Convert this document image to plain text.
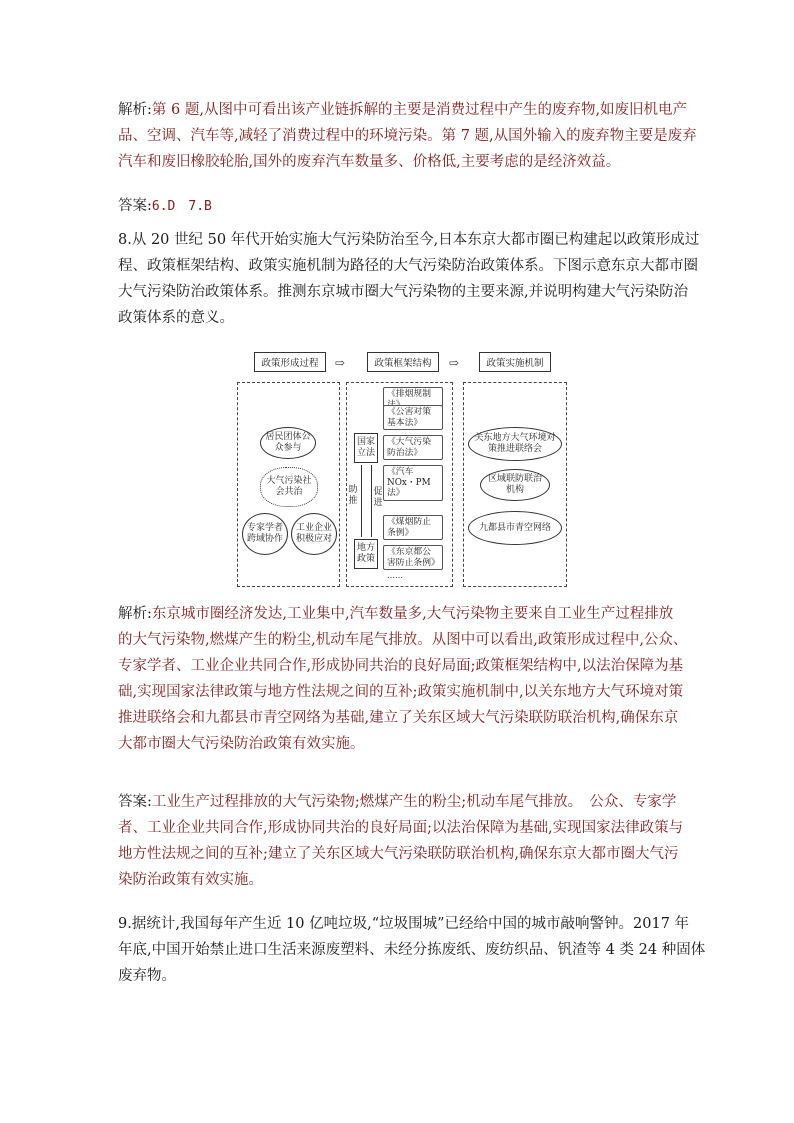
解析:第 6 题,从图中可看出该产业链拆解的主要是消费过程中产生的废弃物,如废旧机电产
品、空调、汽车等,减轻了消费过程中的环境污染。第 7 题,从国外输入的废弃物主要是废弃
汽车和废旧橡胶轮胎,国外的废弃汽车数量多、价格低,主要考虑的是经济效益。
答案:6.D　7.B
8.从 20 世纪 50 年代开始实施大气污染防治至今,日本东京大都市圈已构建起以政策形成过
程、政策框架结构、政策实施机制为路径的大气污染防治政策体系。下图示意东京大都市圈
大气污染防治政策体系。推测东京城市圈大气污染物的主要来源,并说明构建大气污染防治
政策体系的意义。
政策形成过程	⇨	政策框架结构	⇨	政策实施机制
居民团体公众参与
大气污染社会共治
专家学者跨域协作
工业企业积极应对
国家立法
地方政策
助推
促进
《排烟规制
《公害对策基本法》
《大气污染防治法》
《汽车NOx・PM法》
《煤烟防止条例》
《东京都公害防止条例》
……
关东地方大气环境对策推进联络会
区域联防联治机构
九都县市青空网络
解析:东京城市圈经济发达,工业集中,汽车数量多,大气污染物主要来自工业生产过程排放
的大气污染物,燃煤产生的粉尘,机动车尾气排放。从图中可以看出,政策形成过程中,公众、
专家学者、工业企业共同合作,形成协同共治的良好局面;政策框架结构中,以法治保障为基
础,实现国家法律政策与地方性法规之间的互补;政策实施机制中,以关东地方大气环境对策
推进联络会和九都县市青空网络为基础,建立了关东区域大气污染联防联治机构,确保东京
大都市圈大气污染防治政策有效实施。
答案:工业生产过程排放的大气污染物;燃煤产生的粉尘;机动车尾气排放。　公众、专家学
者、工业企业共同合作,形成协同共治的良好局面;以法治保障为基础,实现国家法律政策与
地方性法规之间的互补;建立了关东区域大气污染联防联治机构,确保东京大都市圈大气污
染防治政策有效实施。
9.据统计,我国每年产生近 10 亿吨垃圾,“垃圾围城”已经给中国的城市敲响警钟。2017 年
年底,中国开始禁止进口生活来源废塑料、未经分拣废纸、废纺织品、钒渣等 4 类 24 种固体
废弃物。
